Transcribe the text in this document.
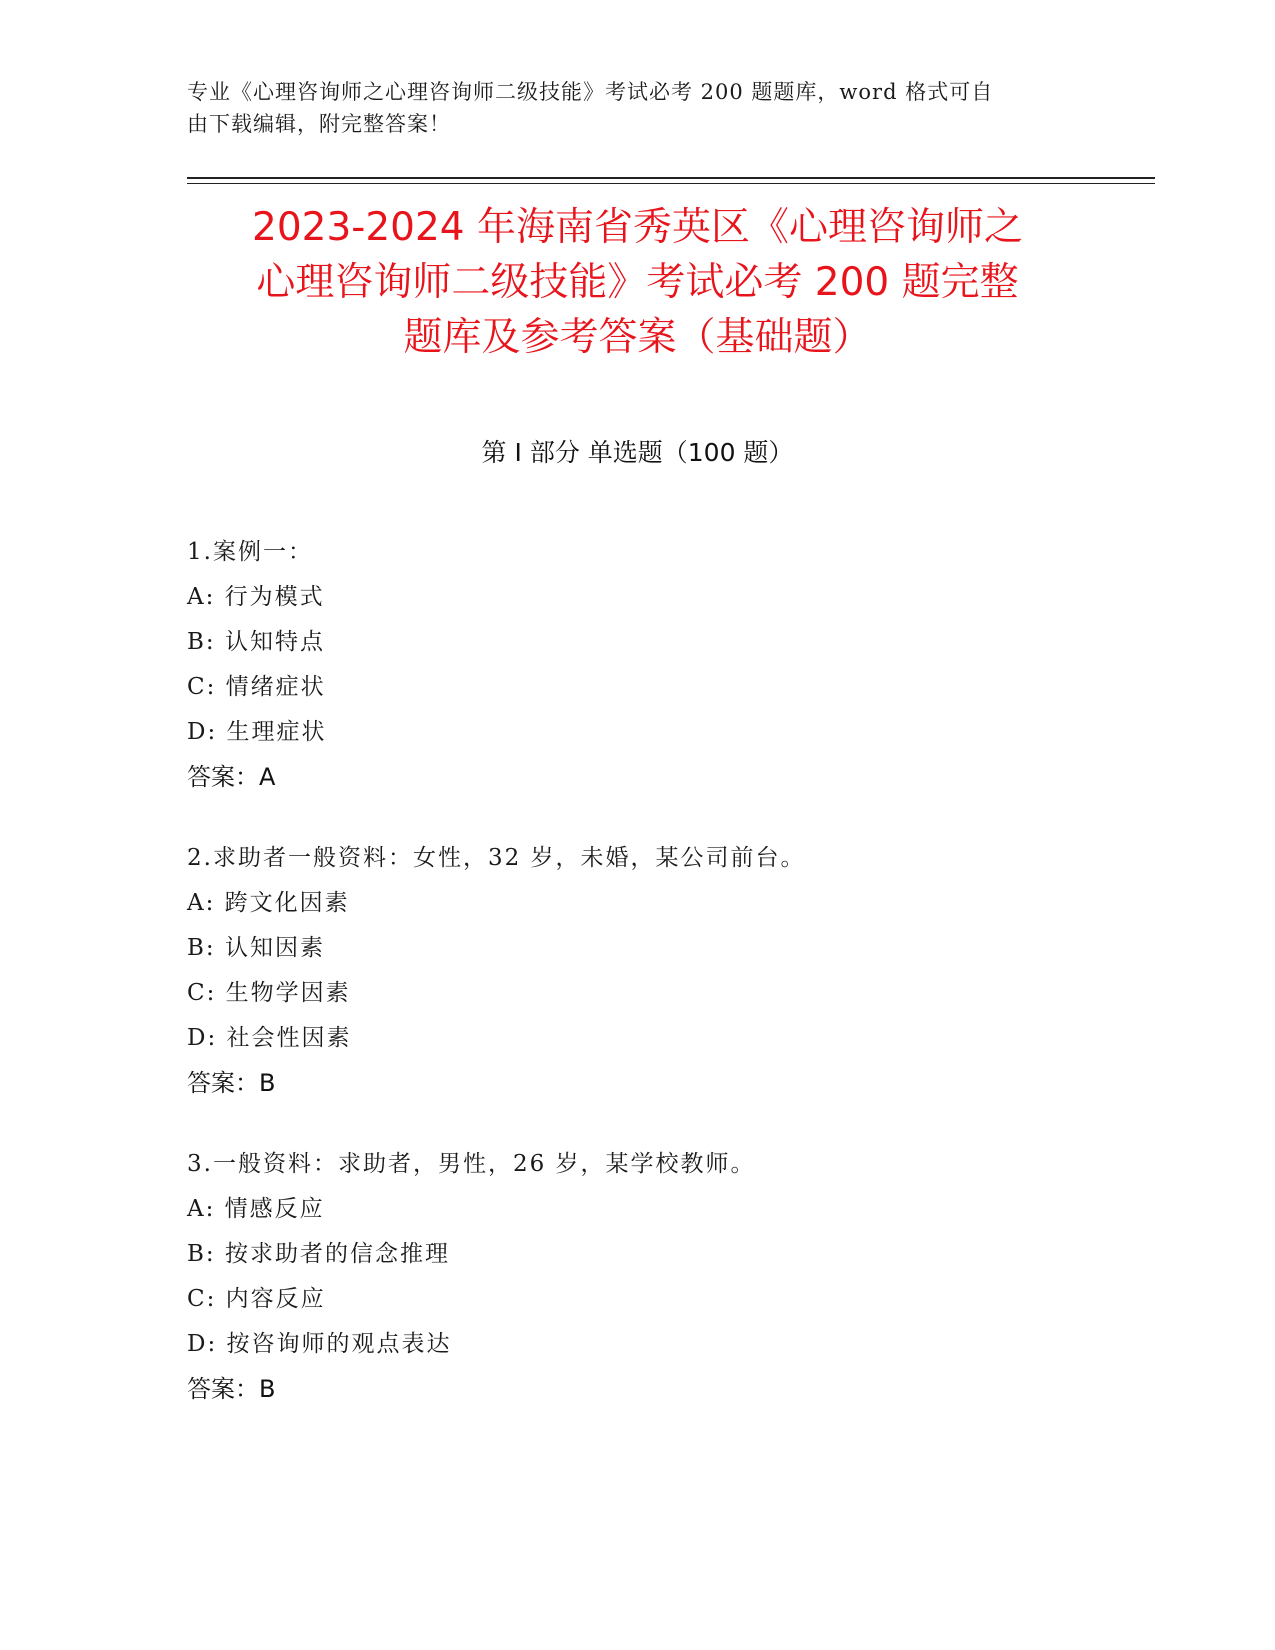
专业《心理咨询师之心理咨询师二级技能》考试必考 200 题题库，word 格式可自
由下载编辑，附完整答案！
2023-2024 年海南省秀英区《心理咨询师之
心理咨询师二级技能》考试必考 200 题完整
题库及参考答案（基础题）
第 I 部分 单选题（100 题）
1.案例一：
A: 行为模式
B: 认知特点
C: 情绪症状
D: 生理症状
答案：A
2.求助者一般资料：女性，32 岁，未婚，某公司前台。
A: 跨文化因素
B: 认知因素
C: 生物学因素
D: 社会性因素
答案：B
3.一般资料：求助者，男性，26 岁，某学校教师。
A: 情感反应
B: 按求助者的信念推理
C: 内容反应
D: 按咨询师的观点表达
答案：B
